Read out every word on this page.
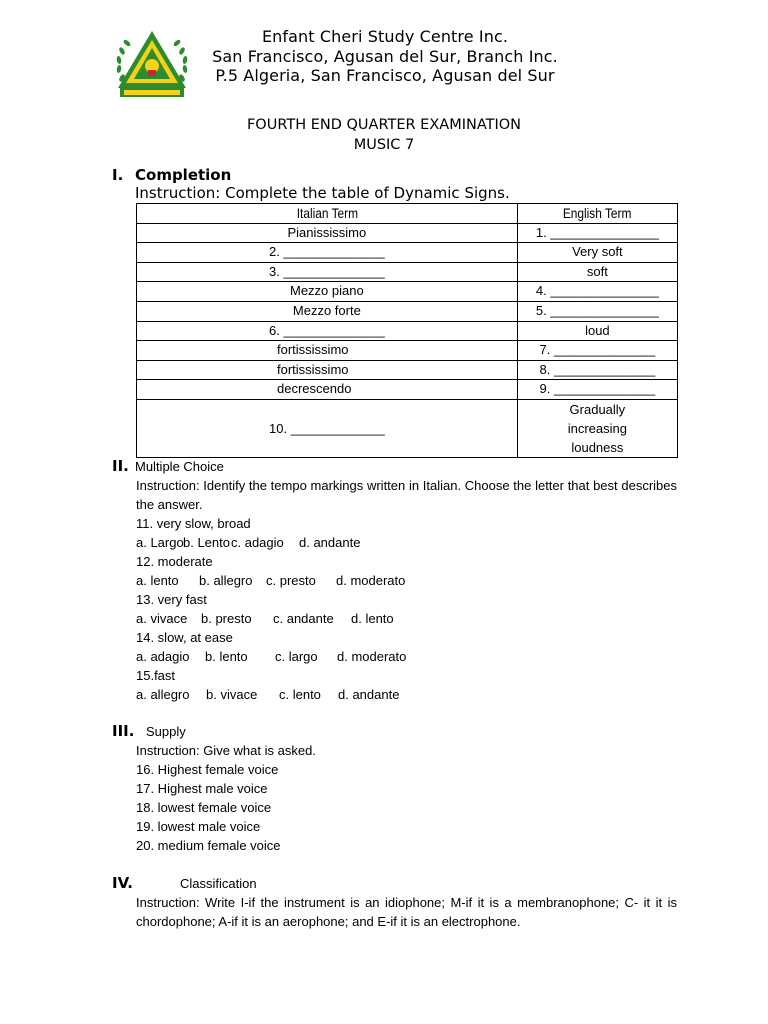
Enfant Cheri Study Centre Inc.
San Francisco, Agusan del Sur, Branch Inc.
P.5 Algeria, San Francisco, Agusan del Sur
FOURTH END QUARTER EXAMINATION
MUSIC 7
I. Completion
Instruction: Complete the table of Dynamic Signs.
Italian Term	English Term
Pianississimo	1. _______________
2. ______________	Very soft
3. ______________	soft
Mezzo piano	4. _______________
Mezzo forte	5. _______________
6. ______________	loud
fortississimo	7. ______________
fortississimo	8. ______________
decrescendo	9. ______________
10. _____________	Gradually increasing loudness
II. Multiple Choice
Instruction: Identify the tempo markings written in Italian. Choose the letter that best describes the answer.
11. very slow, broad
a. Largob. Lentoc. adagio d. andante
12. moderate
a. lento b. allegro c. presto d. moderato
13. very fast
a. vivace b. presto c. andante d. lento
14. slow, at ease
a. adagio b. lento c. largo d. moderato
15.fast
a. allegro b. vivace c. lento d. andante
III. Supply
Instruction: Give what is asked.
16. Highest female voice
17. Highest male voice
18. lowest female voice
19. lowest male voice
20. medium female voice
IV.	Classification
Instruction: Write I-if the instrument is an idiophone; M-if it is a membranophone; C- it it is chordophone; A-if it is an aerophone; and E-if it is an electrophone.
